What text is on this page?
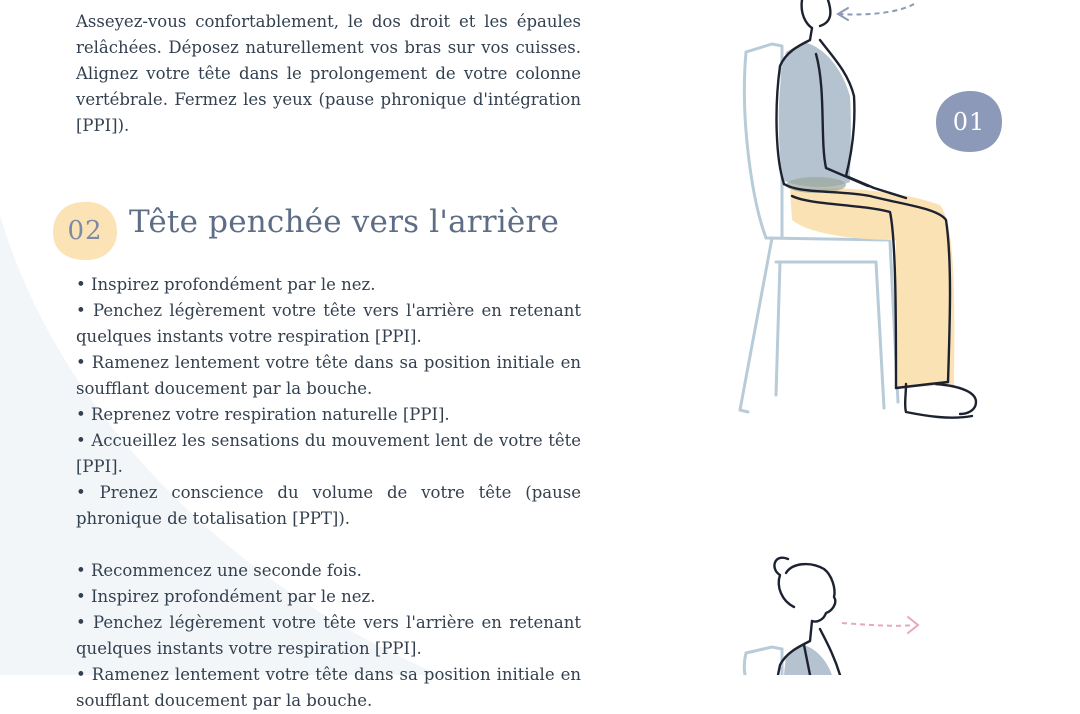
Asseyez-vous confortablement, le dos droit et les épaules relâchées. Déposez naturellement vos bras sur vos cuisses. Alignez votre tête dans le prolongement de votre colonne vertébrale. Fermez les yeux (pause phronique d'intégration [PPI]).

02 Tête penchée vers l'arrière

• Inspirez profondément par le nez.

• Penchez légèrement votre tête vers l'arrière en retenant quelques instants votre respiration [PPI].

• Ramenez lentement votre tête dans sa position initiale en soufflant doucement par la bouche.

• Reprenez votre respiration naturelle [PPI].

• Accueillez les sensations du mouvement lent de votre tête [PPI].

• Prenez conscience du volume de votre tête (pause phronique de totalisation [PPT]).

• Recommencez une seconde fois.

• Inspirez profondément par le nez.

• Penchez légèrement votre tête vers l'arrière en retenant quelques instants votre respiration [PPI].

• Ramenez lentement votre tête dans sa position initiale en soufflant doucement par la bouche.

01
